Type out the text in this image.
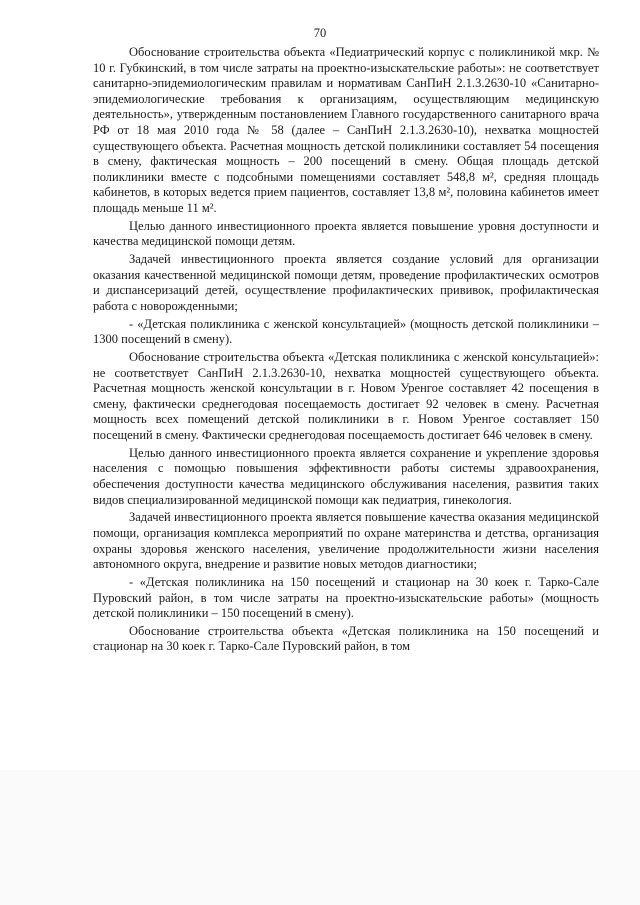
70

Обоснование строительства объекта «Педиатрический корпус с поликлиникой мкр. № 10 г. Губкинский, в том числе затраты на проектно-изыскательские работы»: не соответствует санитарно-эпидемиологическим правилам и нормативам СанПиН 2.1.3.2630-10 «Санитарно-эпидемиологические требования к организациям, осуществляющим медицинскую деятельность», утвержденным постановлением Главного государственного санитарного врача РФ от 18 мая 2010 года № 58 (далее – СанПиН 2.1.3.2630-10), нехватка мощностей существующего объекта. Расчетная мощность детской поликлиники составляет 54 посещения в смену, фактическая мощность – 200 посещений в смену. Общая площадь детской поликлиники вместе с подсобными помещениями составляет 548,8 м², средняя площадь кабинетов, в которых ведется прием пациентов, составляет 13,8 м², половина кабинетов имеет площадь меньше 11 м².

Целью данного инвестиционного проекта является повышение уровня доступности и качества медицинской помощи детям.

Задачей инвестиционного проекта является создание условий для организации оказания качественной медицинской помощи детям, проведение профилактических осмотров и диспансеризаций детей, осуществление профилактических прививок, профилактическая работа с новорожденными;

- «Детская поликлиника с женской консультацией» (мощность детской поликлиники – 1300 посещений в смену).

Обоснование строительства объекта «Детская поликлиника с женской консультацией»: не соответствует СанПиН 2.1.3.2630-10, нехватка мощностей существующего объекта. Расчетная мощность женской консультации в г. Новом Уренгое составляет 42 посещения в смену, фактически среднегодовая посещаемость достигает 92 человек в смену. Расчетная мощность всех помещений детской поликлиники в г. Новом Уренгое составляет 150 посещений в смену. Фактически среднегодовая посещаемость достигает 646 человек в смену.

Целью данного инвестиционного проекта является сохранение и укрепление здоровья населения с помощью повышения эффективности работы системы здравоохранения, обеспечения доступности качества медицинского обслуживания населения, развития таких видов специализированной медицинской помощи как педиатрия, гинекология.

Задачей инвестиционного проекта является повышение качества оказания медицинской помощи, организация комплекса мероприятий по охране материнства и детства, организация охраны здоровья женского населения, увеличение продолжительности жизни населения автономного округа, внедрение и развитие новых методов диагностики;

- «Детская поликлиника на 150 посещений и стационар на 30 коек г. Тарко-Сале Пуровский район, в том числе затраты на проектно-изыскательские работы» (мощность детской поликлиники – 150 посещений в смену).

Обоснование строительства объекта «Детская поликлиника на 150 посещений и стационар на 30 коек г. Тарко-Сале Пуровский район, в том
